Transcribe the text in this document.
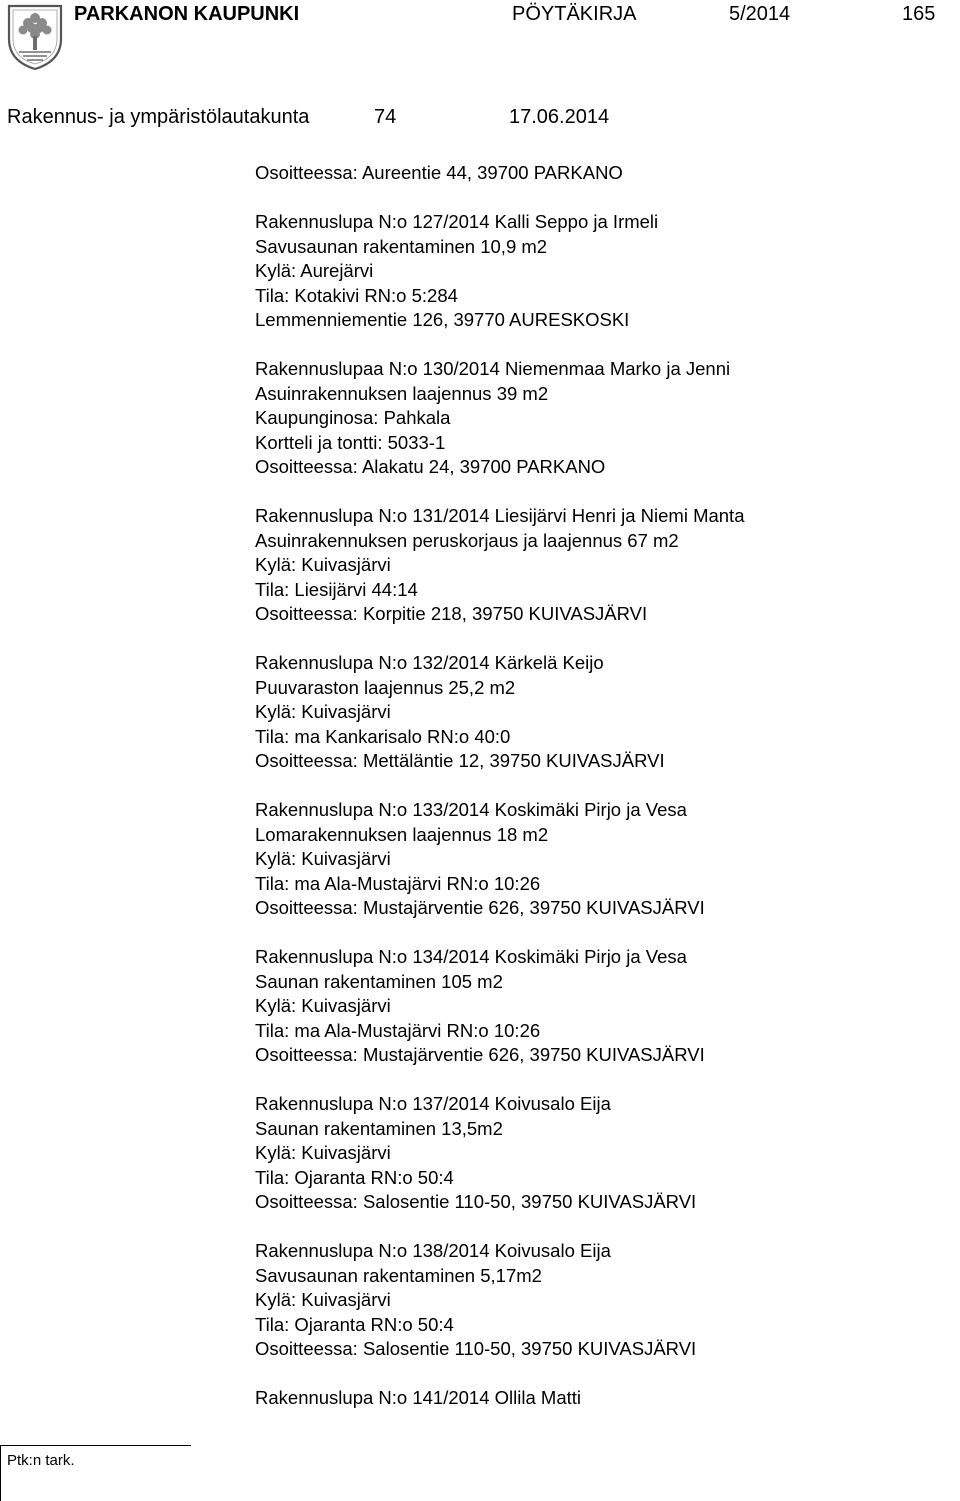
PARKANON KAUPUNKI	PÖYTÄKIRJA	5/2014	165
Rakennus- ja ympäristölautakunta	74	17.06.2014
Osoitteessa: Aureentie 44, 39700 PARKANO
Rakennuslupa N:o 127/2014 Kalli Seppo ja Irmeli
Savusaunan rakentaminen 10,9 m2
Kylä: Aurejärvi
Tila: Kotakivi RN:o 5:284
Lemmenniementie 126, 39770 AURESKOSKI
Rakennuslupaa N:o 130/2014 Niemenmaa Marko ja Jenni
Asuinrakennuksen laajennus 39 m2
Kaupunginosa: Pahkala
Kortteli ja tontti: 5033-1
Osoitteessa: Alakatu 24, 39700 PARKANO
Rakennuslupa N:o 131/2014 Liesijärvi Henri ja Niemi Manta
Asuinrakennuksen peruskorjaus ja laajennus 67 m2
Kylä: Kuivasjärvi
Tila: Liesijärvi 44:14
Osoitteessa: Korpitie 218, 39750 KUIVASJÄRVI
Rakennuslupa N:o 132/2014 Kärkelä Keijo
Puuvaraston laajennus 25,2 m2
Kylä: Kuivasjärvi
Tila: ma Kankarisalo RN:o 40:0
Osoitteessa: Mettäläntie 12, 39750 KUIVASJÄRVI
Rakennuslupa N:o 133/2014 Koskimäki Pirjo ja Vesa
Lomarakennuksen laajennus 18 m2
Kylä: Kuivasjärvi
Tila: ma Ala-Mustajärvi RN:o 10:26
Osoitteessa: Mustajärventie 626, 39750 KUIVASJÄRVI
Rakennuslupa N:o 134/2014 Koskimäki Pirjo ja Vesa
Saunan rakentaminen 105 m2
Kylä: Kuivasjärvi
Tila: ma Ala-Mustajärvi RN:o 10:26
Osoitteessa: Mustajärventie 626, 39750 KUIVASJÄRVI
Rakennuslupa N:o 137/2014 Koivusalo Eija
Saunan rakentaminen 13,5m2
Kylä: Kuivasjärvi
Tila: Ojaranta RN:o 50:4
Osoitteessa: Salosentie 110-50, 39750 KUIVASJÄRVI
Rakennuslupa N:o 138/2014 Koivusalo Eija
Savusaunan rakentaminen 5,17m2
Kylä: Kuivasjärvi
Tila: Ojaranta RN:o 50:4
Osoitteessa: Salosentie 110-50, 39750 KUIVASJÄRVI
Rakennuslupa N:o 141/2014 Ollila Matti
Ptk:n tark.
